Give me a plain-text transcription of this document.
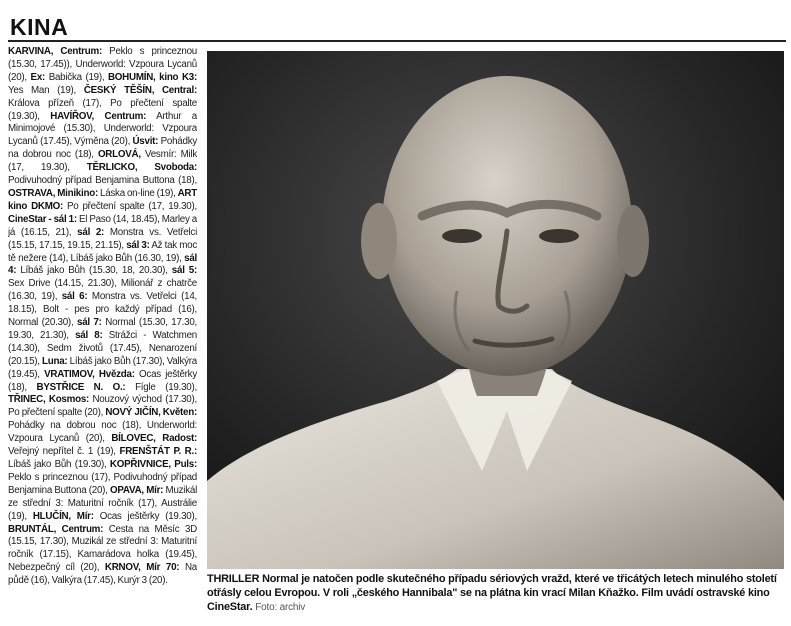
KINA
KARVINÁ, Centrum: Peklo s princeznou (15.30, 17.45)), Underworld: Vzpoura Lycanů (20), Ex: Babička (19), BOHUMÍN, kino K3: Yes Man (19), ČESKÝ TĚŠÍN, Central: Králova přízeň (17), Po přečtení spalte (19.30), HAVÍŘOV, Centrum: Arthur a Minimojové (15.30), Underworld: Vzpoura Lycanů (17.45), Výměna (20), Úsvit: Pohádky na dobrou noc (18), ORLOVÁ, Vesmír: Milk (17, 19.30), TĚRLICKO, Svoboda: Podivuhodný případ Benjamina Buttona (18), OSTRAVA, Minikino: Láska on-line (19), ART kino DKMO: Po přečtení spalte (17, 19.30), CineStar - sál 1: El Paso (14, 18.45), Marley a já (16.15, 21), sál 2: Monstra vs. Vetřelci (15.15, 17.15, 19.15, 21.15), sál 3: Až tak moc tě nežere (14), Líbáš jako Bůh (16.30, 19), sál 4: Líbáš jako Bůh (15.30, 18, 20.30), sál 5: Sex Drive (14.15, 21.30), Milionář z chatrče (16.30, 19), sál 6: Monstra vs. Vetřelci (14, 18.15), Bolt - pes pro každý případ (16), Normal (20.30), sál 7: Normal (15.30, 17.30, 19.30, 21.30), sál 8: Strážci - Watchmen (14.30), Sedm životů (17.45), Nenarození (20.15), Luna: Líbáš jako Bůh (17.30), Valkýra (19.45), VRATIMOV, Hvězda: Ocas ještěrky (18), BYSTŘICE N. O.: Fígle (19.30), TŘINEC, Kosmos: Nouzový východ (17.30), Po přečtení spalte (20), NOVÝ JIČÍN, Květen: Pohádky na dobrou noc (18), Underworld: Vzpoura Lycanů (20), BÍLOVEC, Radost: Veřejný nepřítel č. 1 (19), FRENŠTÁT P. R.: Líbáš jako Bůh (19.30), KOPŘIVNICE, Puls: Peklo s princeznou (17), Podivuhodný případ Benjamina Buttona (20), OPAVA, Mír: Muzikál ze střední 3: Maturitní ročník (17), Austrálie (19), HLUČÍN, Mír: Ocas ještěrky (19.30), BRUNTÁL, Centrum: Cesta na Měsíc 3D (15.15, 17.30), Muzikál ze střední 3: Maturitní ročník (17.15), Kamarádova holka (19.45), Nebezpečný cíl (20), KRNOV, Mír 70: Na půdě (16), Valkýra (17.45), Kurýr 3 (20).	THRILLER Normal je natočen podle skutečného případu sériových vražd, které ve třicátých letech minulého století otřásly celou Evropou. V roli „českého Hannibala" se na plátna kin vrací Milan Kňažko. Film uvádí ostravské kino CineStar. Foto: archiv
